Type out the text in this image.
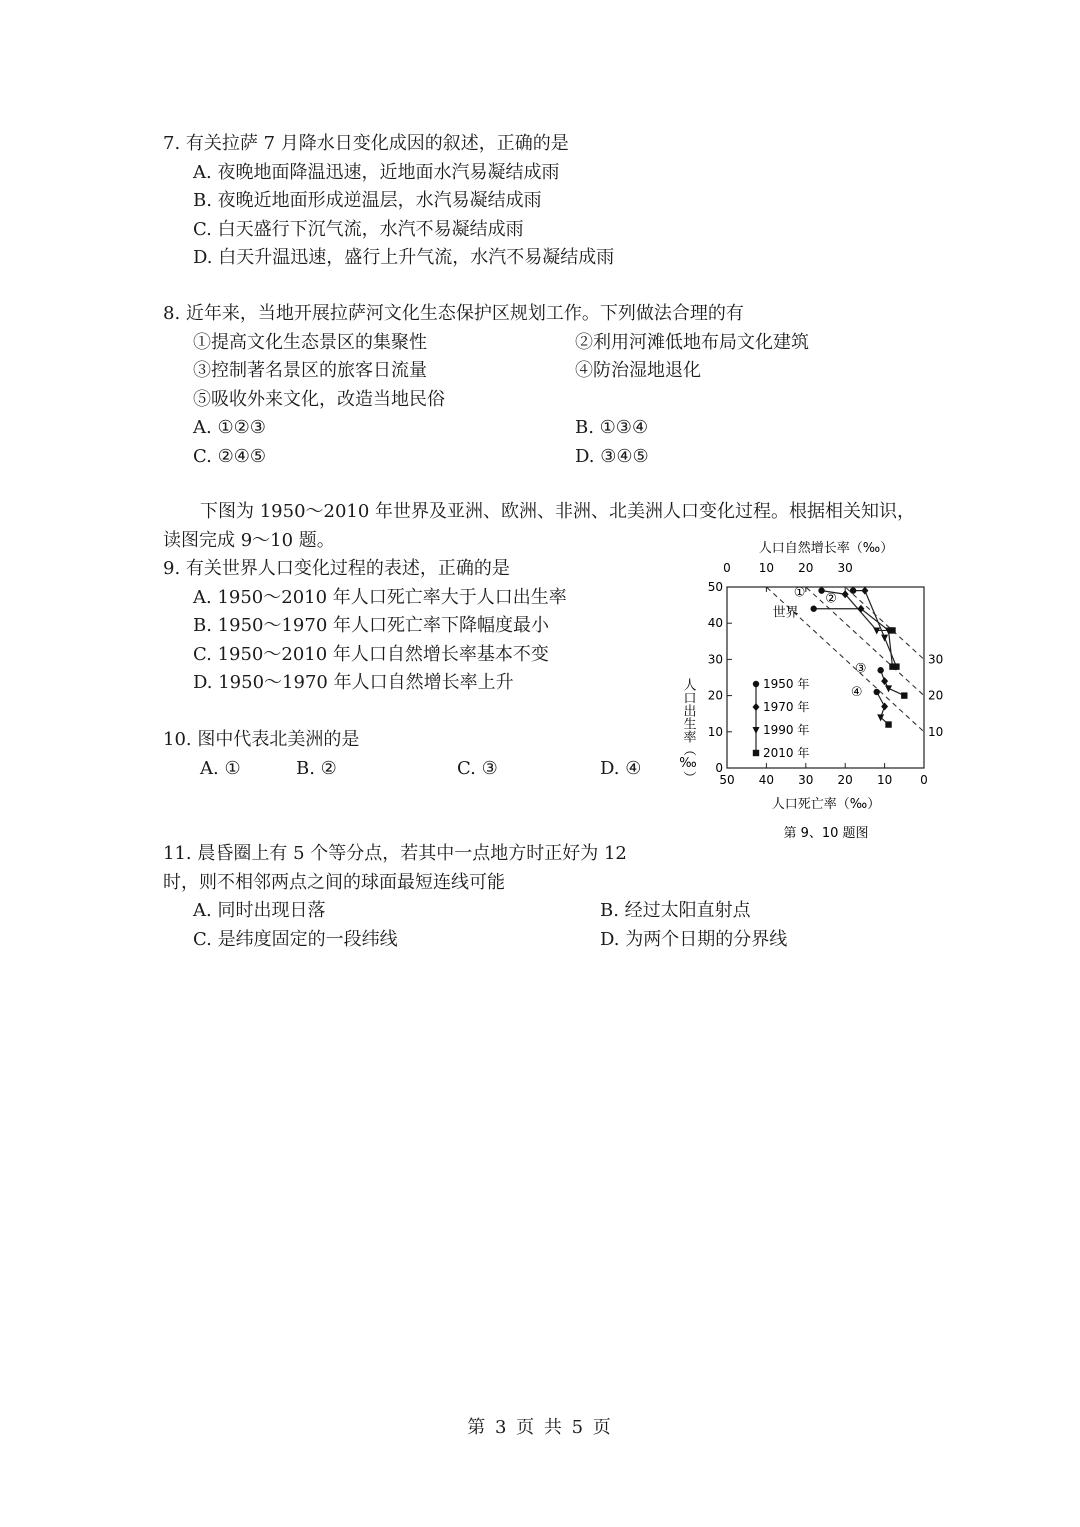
7. 有关拉萨 7 月降水日变化成因的叙述，正确的是
A. 夜晚地面降温迅速，近地面水汽易凝结成雨
B. 夜晚近地面形成逆温层，水汽易凝结成雨
C. 白天盛行下沉气流，水汽不易凝结成雨
D. 白天升温迅速，盛行上升气流，水汽不易凝结成雨
8. 近年来，当地开展拉萨河文化生态保护区规划工作。下列做法合理的有
①提高文化生态景区的集聚性	②利用河滩低地布局文化建筑
③控制著名景区的旅客日流量	④防治湿地退化
⑤吸收外来文化，改造当地民俗
A. ①②③	B. ①③④
C. ②④⑤	D. ③④⑤
下图为 1950～2010 年世界及亚洲、欧洲、非洲、北美洲人口变化过程。根据相关知识，
读图完成 9～10 题。
9. 有关世界人口变化过程的表述，正确的是
A. 1950～2010 年人口死亡率大于人口出生率
B. 1950～1970 年人口死亡率下降幅度最小
C. 1950～2010 年人口自然增长率基本不变
D. 1950～1970 年人口自然增长率上升
10. 图中代表北美洲的是
A. ①	B. ②	C. ③	D. ④
11. 晨昏圈上有 5 个等分点，若其中一点地方时正好为 12
时，则不相邻两点之间的球面最短连线可能
A. 同时出现日落	B. 经过太阳直射点
C. 是纬度固定的一段纬线	D. 为两个日期的分界线
人口自然增长率（‰）
0 10 20 30
50 40 30 20 10 0
0
10
20
30
40
50
30
20
10
①
世界
②
③
④
1950 年
1970 年
1990 年
2010 年
人口出生率（‰）
人口死亡率（‰）
第 9、10 题图
第 3 页 共 5 页
